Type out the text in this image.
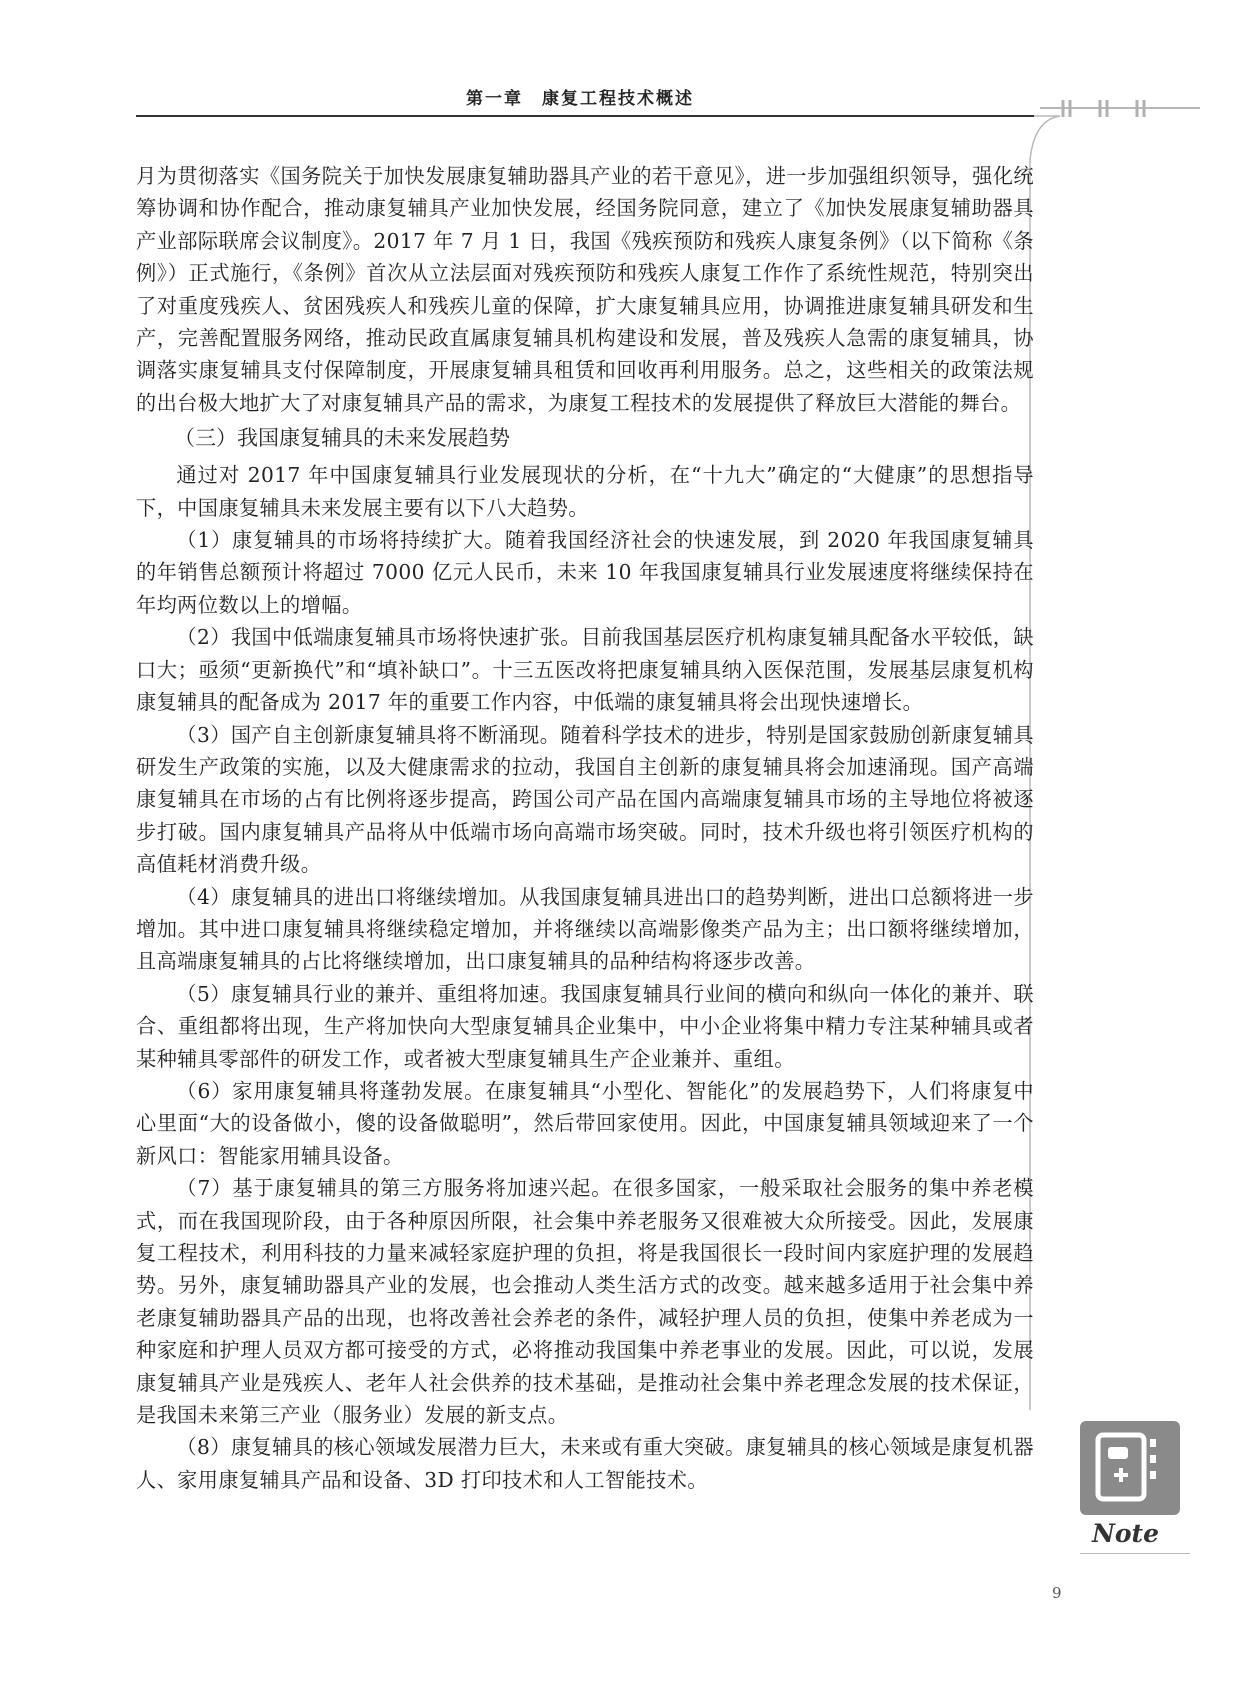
第一章　康复工程技术概述

月为贯彻落实《国务院关于加快发展康复辅助器具产业的若干意见》，进一步加强组织领导，强化统筹协调和协作配合，推动康复辅具产业加快发展，经国务院同意，建立了《加快发展康复辅助器具产业部际联席会议制度》。2017 年 7 月 1 日，我国《残疾预防和残疾人康复条例》（以下简称《条例》）正式施行，《条例》首次从立法层面对残疾预防和残疾人康复工作作了系统性规范，特别突出了对重度残疾人、贫困残疾人和残疾儿童的保障，扩大康复辅具应用，协调推进康复辅具研发和生产，完善配置服务网络，推动民政直属康复辅具机构建设和发展，普及残疾人急需的康复辅具，协调落实康复辅具支付保障制度，开展康复辅具租赁和回收再利用服务。总之，这些相关的政策法规的出台极大地扩大了对康复辅具产品的需求，为康复工程技术的发展提供了释放巨大潜能的舞台。

（三）我国康复辅具的未来发展趋势

通过对 2017 年中国康复辅具行业发展现状的分析，在“十九大”确定的“大健康”的思想指导下，中国康复辅具未来发展主要有以下八大趋势。

（1）康复辅具的市场将持续扩大。随着我国经济社会的快速发展，到 2020 年我国康复辅具的年销售总额预计将超过 7000 亿元人民币，未来 10 年我国康复辅具行业发展速度将继续保持在年均两位数以上的增幅。

（2）我国中低端康复辅具市场将快速扩张。目前我国基层医疗机构康复辅具配备水平较低，缺口大；亟须“更新换代”和“填补缺口”。十三五医改将把康复辅具纳入医保范围，发展基层康复机构康复辅具的配备成为 2017 年的重要工作内容，中低端的康复辅具将会出现快速增长。

（3）国产自主创新康复辅具将不断涌现。随着科学技术的进步，特别是国家鼓励创新康复辅具研发生产政策的实施，以及大健康需求的拉动，我国自主创新的康复辅具将会加速涌现。国产高端康复辅具在市场的占有比例将逐步提高，跨国公司产品在国内高端康复辅具市场的主导地位将被逐步打破。国内康复辅具产品将从中低端市场向高端市场突破。同时，技术升级也将引领医疗机构的高值耗材消费升级。

（4）康复辅具的进出口将继续增加。从我国康复辅具进出口的趋势判断，进出口总额将进一步增加。其中进口康复辅具将继续稳定增加，并将继续以高端影像类产品为主；出口额将继续增加，且高端康复辅具的占比将继续增加，出口康复辅具的品种结构将逐步改善。

（5）康复辅具行业的兼并、重组将加速。我国康复辅具行业间的横向和纵向一体化的兼并、联合、重组都将出现，生产将加快向大型康复辅具企业集中，中小企业将集中精力专注某种辅具或者某种辅具零部件的研发工作，或者被大型康复辅具生产企业兼并、重组。

（6）家用康复辅具将蓬勃发展。在康复辅具“小型化、智能化”的发展趋势下，人们将康复中心里面“大的设备做小，傻的设备做聪明”，然后带回家使用。因此，中国康复辅具领域迎来了一个新风口：智能家用辅具设备。

（7）基于康复辅具的第三方服务将加速兴起。在很多国家，一般采取社会服务的集中养老模式，而在我国现阶段，由于各种原因所限，社会集中养老服务又很难被大众所接受。因此，发展康复工程技术，利用科技的力量来减轻家庭护理的负担，将是我国很长一段时间内家庭护理的发展趋势。另外，康复辅助器具产业的发展，也会推动人类生活方式的改变。越来越多适用于社会集中养老康复辅助器具产品的出现，也将改善社会养老的条件，减轻护理人员的负担，使集中养老成为一种家庭和护理人员双方都可接受的方式，必将推动我国集中养老事业的发展。因此，可以说，发展康复辅具产业是残疾人、老年人社会供养的技术基础，是推动社会集中养老理念发展的技术保证，是我国未来第三产业（服务业）发展的新支点。

（8）康复辅具的核心领域发展潜力巨大，未来或有重大突破。康复辅具的核心领域是康复机器人、家用康复辅具产品和设备、3D 打印技术和人工智能技术。

Note
9
